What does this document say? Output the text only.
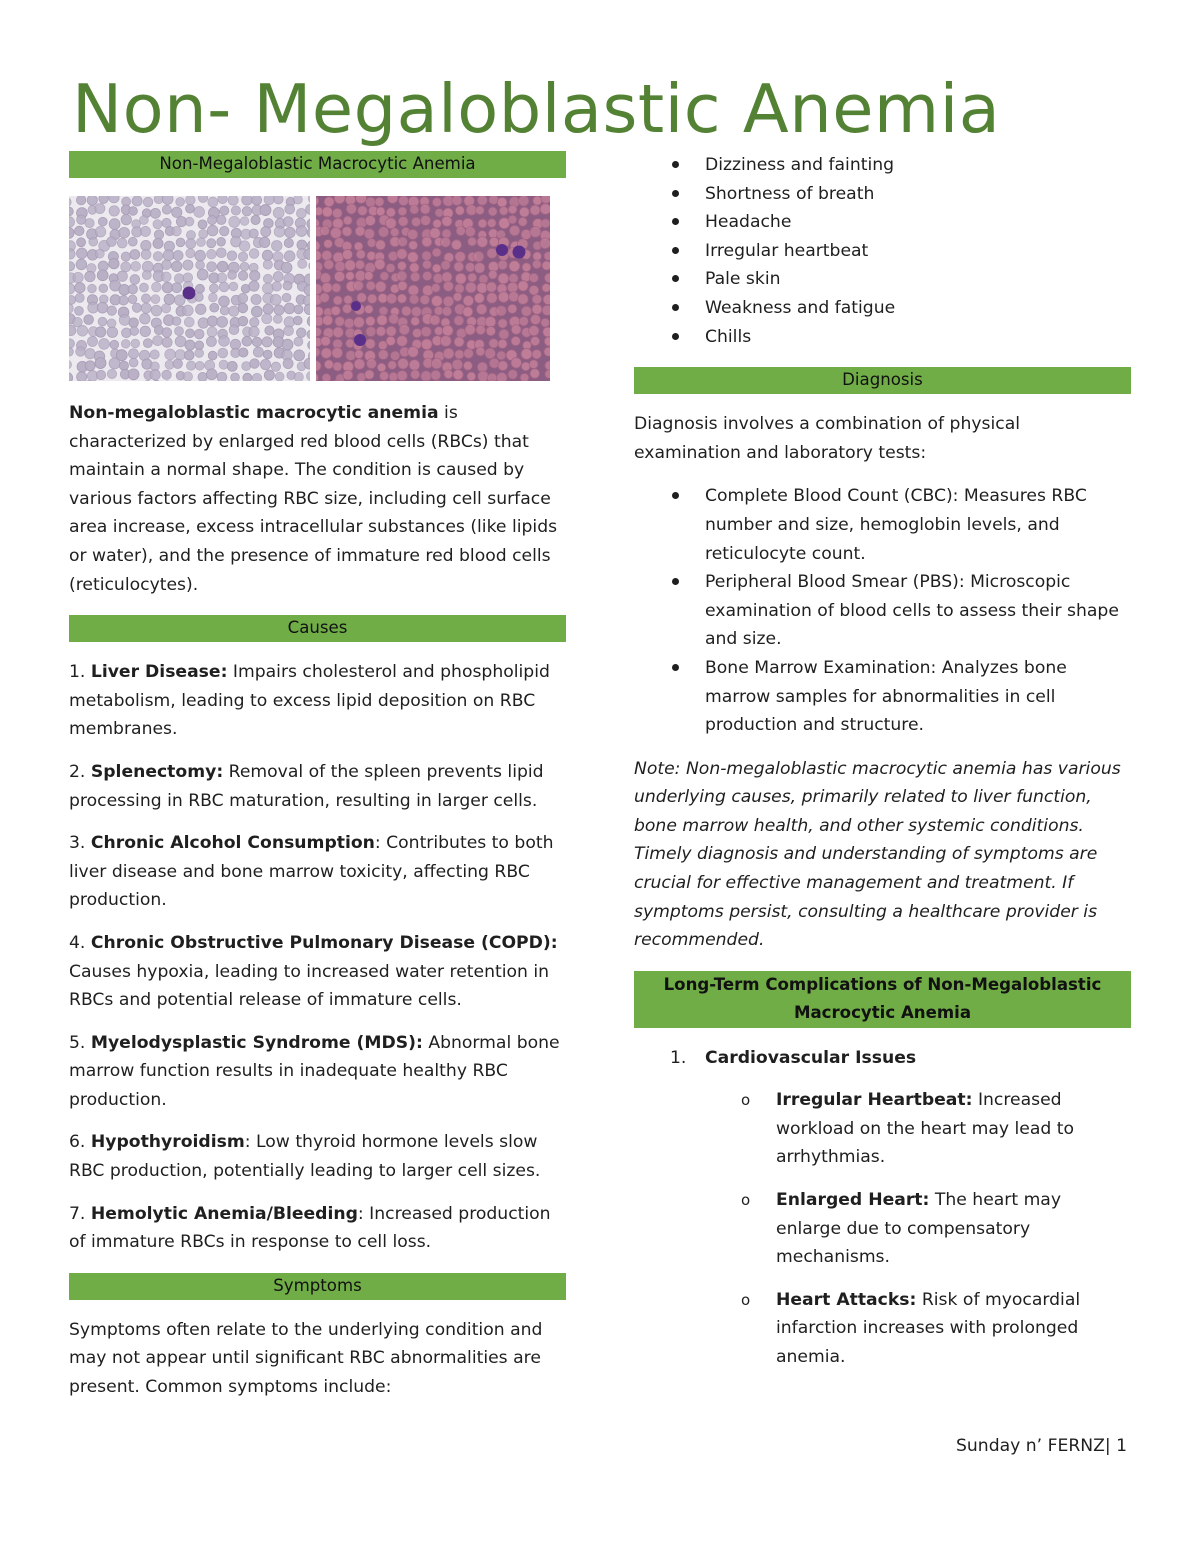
Non- Megaloblastic Anemia
Non-Megaloblastic Macrocytic Anemia

Non-megaloblastic macrocytic anemia is characterized by enlarged red blood cells (RBCs) that maintain a normal shape. The condition is caused by various factors affecting RBC size, including cell surface area increase, excess intracellular substances (like lipids or water), and the presence of immature red blood cells (reticulocytes).

Causes

1. Liver Disease: Impairs cholesterol and phospholipid metabolism, leading to excess lipid deposition on RBC membranes.

2. Splenectomy: Removal of the spleen prevents lipid processing in RBC maturation, resulting in larger cells.

3. Chronic Alcohol Consumption: Contributes to both liver disease and bone marrow toxicity, affecting RBC production.

4. Chronic Obstructive Pulmonary Disease (COPD): Causes hypoxia, leading to increased water retention in RBCs and potential release of immature cells.

5. Myelodysplastic Syndrome (MDS): Abnormal bone marrow function results in inadequate healthy RBC production.

6. Hypothyroidism: Low thyroid hormone levels slow RBC production, potentially leading to larger cell sizes.

7. Hemolytic Anemia/Bleeding: Increased production of immature RBCs in response to cell loss.

Symptoms

Symptoms often relate to the underlying condition and may not appear until significant RBC abnormalities are present. Common symptoms include:

Dizziness and fainting
Shortness of breath
Headache
Irregular heartbeat
Pale skin
Weakness and fatigue
Chills
Diagnosis

Diagnosis involves a combination of physical examination and laboratory tests:

Complete Blood Count (CBC): Measures RBC number and size, hemoglobin levels, and reticulocyte count.
Peripheral Blood Smear (PBS): Microscopic examination of blood cells to assess their shape and size.
Bone Marrow Examination: Analyzes bone marrow samples for abnormalities in cell production and structure.

Note: Non-megaloblastic macrocytic anemia has various underlying causes, primarily related to liver function, bone marrow health, and other systemic conditions. Timely diagnosis and understanding of symptoms are crucial for effective management and treatment. If symptoms persist, consulting a healthcare provider is recommended.

Long-Term Complications of Non-Megaloblastic Macrocytic Anemia

1. Cardiovascular Issues

o Irregular Heartbeat: Increased workload on the heart may lead to arrhythmias.
o Enlarged Heart: The heart may enlarge due to compensatory mechanisms.
o Heart Attacks: Risk of myocardial infarction increases with prolonged anemia.
Sunday n’ FERNZ| 1
